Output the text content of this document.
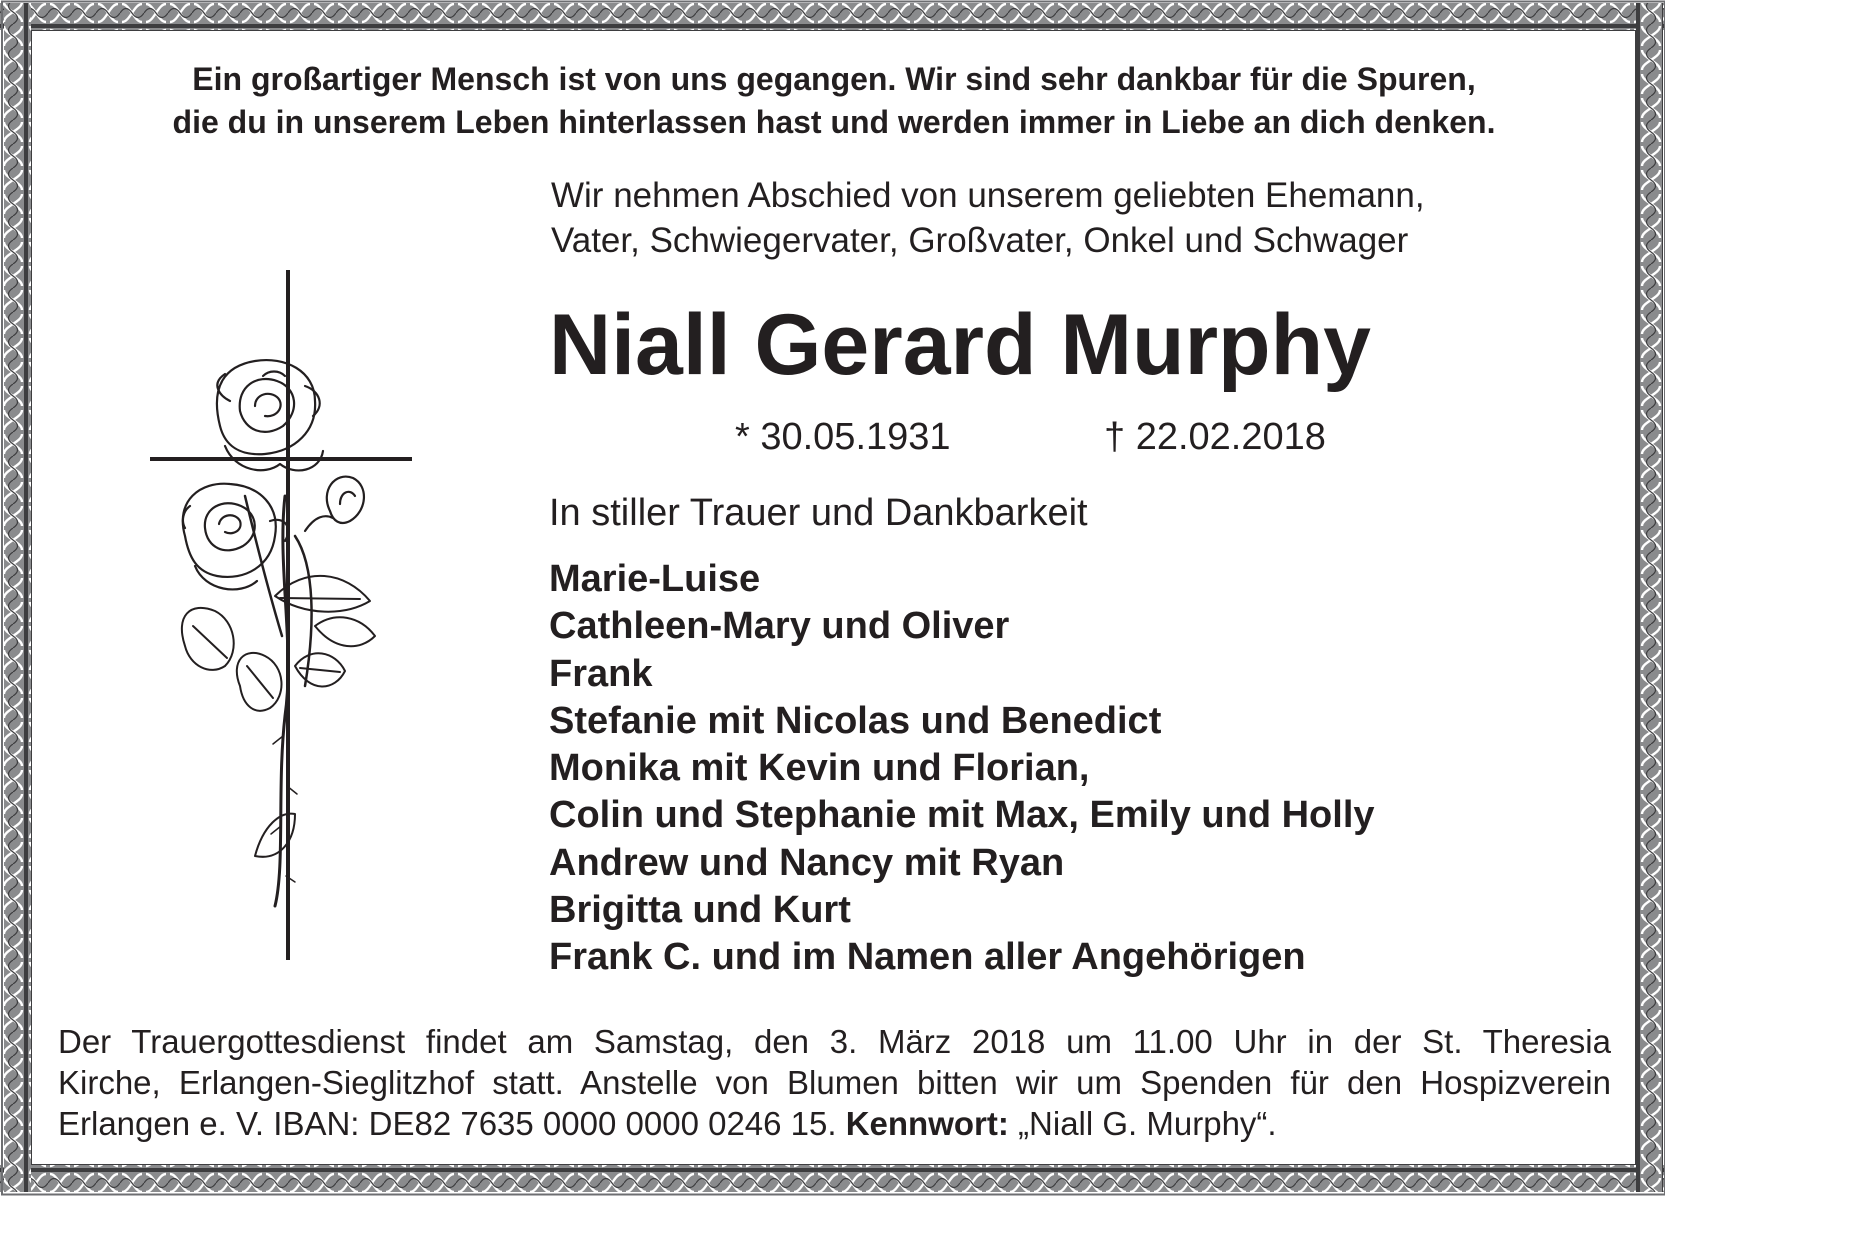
Ein großartiger Mensch ist von uns gegangen. Wir sind sehr dankbar für die Spuren,
die du in unserem Leben hinterlassen hast und werden immer in Liebe an dich denken.
Wir nehmen Abschied von unserem geliebten Ehemann,
Vater, Schwiegervater, Großvater, Onkel und Schwager
Niall Gerard Murphy
* 30.05.1931	† 22.02.2018
In stiller Trauer und Dankbarkeit
Marie-Luise
Cathleen-Mary und Oliver
Frank
Stefanie mit Nicolas und Benedict
Monika mit Kevin und Florian,
Colin und Stephanie mit Max, Emily und Holly
Andrew und Nancy mit Ryan
Brigitta und Kurt
Frank C. und im Namen aller Angehörigen
Der Trauergottesdienst findet am Samstag, den 3. März 2018 um 11.00 Uhr in der St. Theresia
Kirche, Erlangen-Sieglitzhof statt. Anstelle von Blumen bitten wir um Spenden für den Hospizverein
Erlangen e. V. IBAN: DE82 7635 0000 0000 0246 15. Kennwort: „Niall G. Murphy“.
